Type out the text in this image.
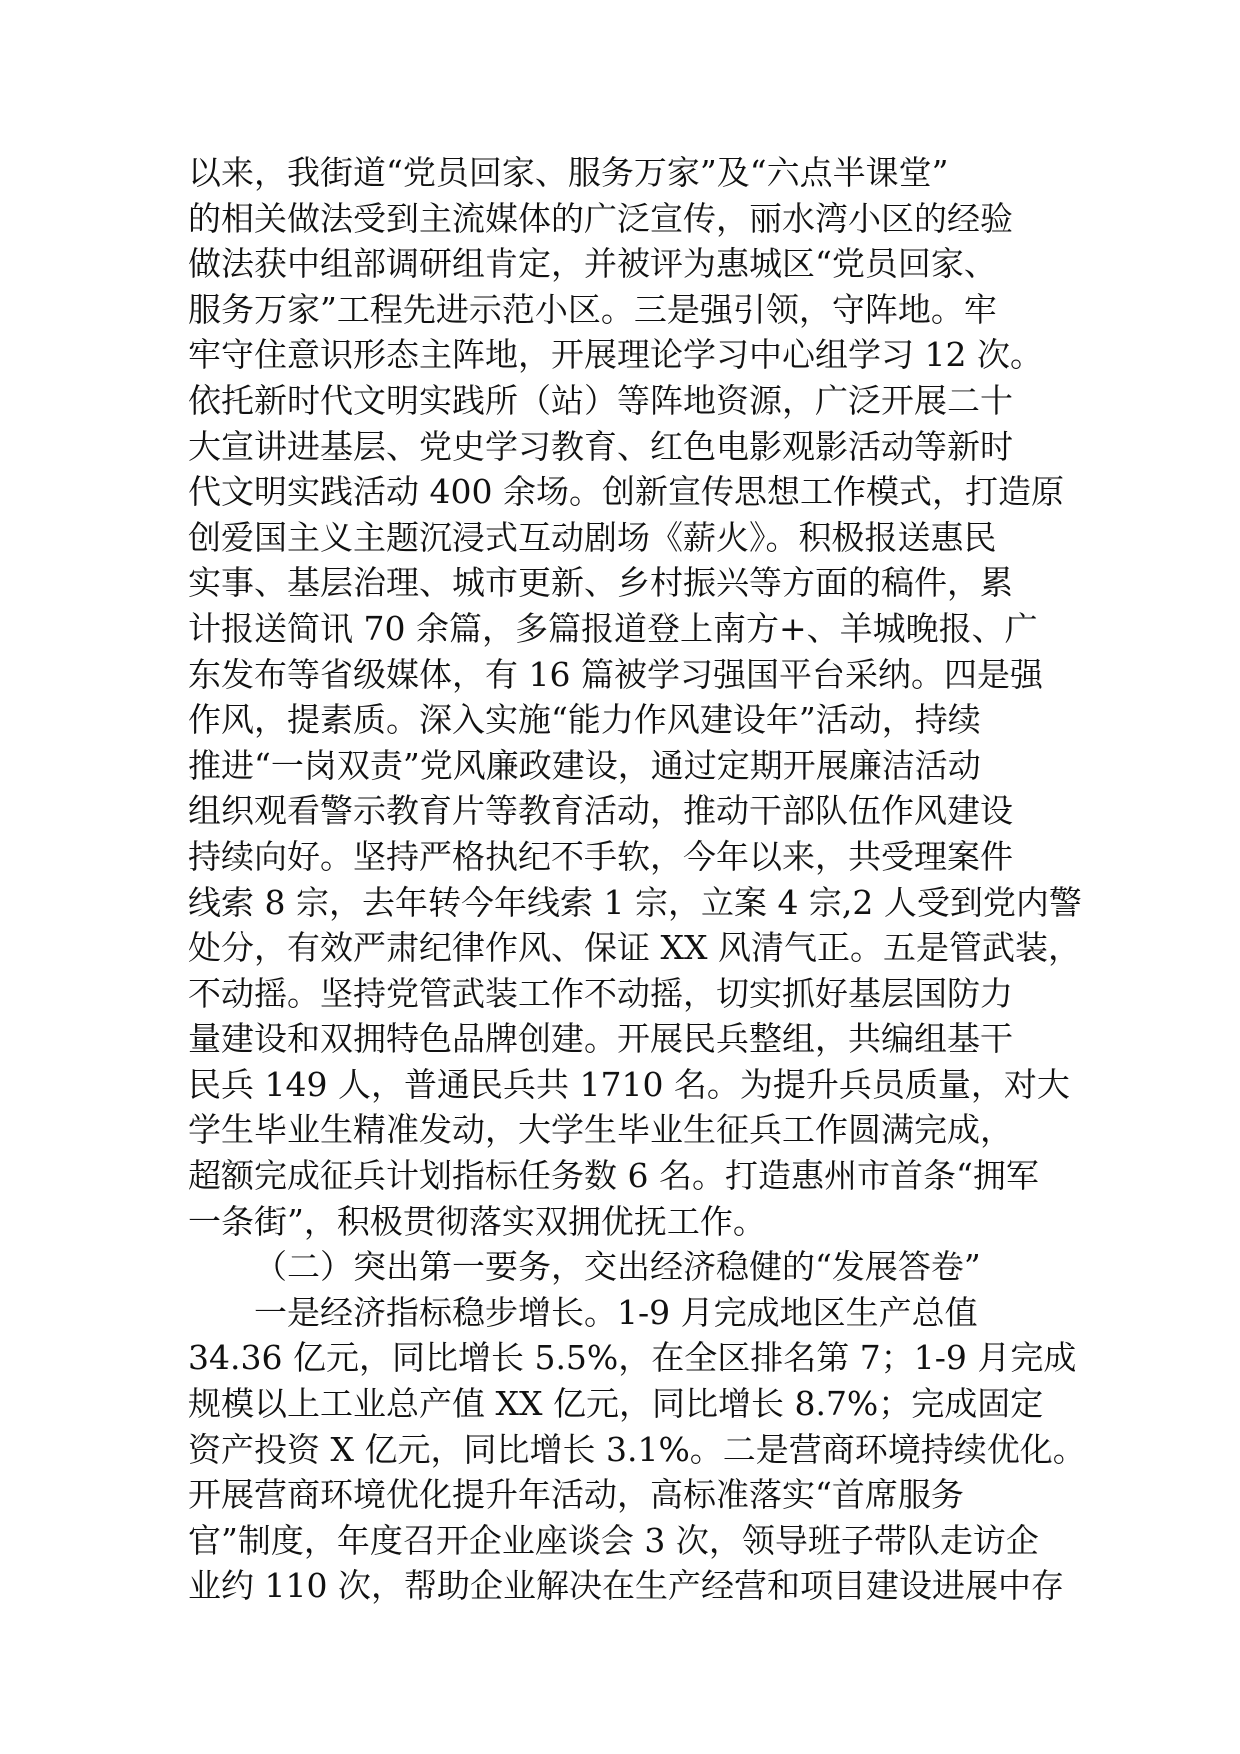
以来，我街道“党员回家、服务万家”及“六点半课堂”
的相关做法受到主流媒体的广泛宣传，丽水湾小区的经验
做法获中组部调研组肯定，并被评为惠城区“党员回家、
服务万家”工程先进示范小区。三是强引领，守阵地。牢
牢守住意识形态主阵地，开展理论学习中心组学习 12 次。
依托新时代文明实践所（站）等阵地资源，广泛开展二十
大宣讲进基层、党史学习教育、红色电影观影活动等新时
代文明实践活动 400 余场。创新宣传思想工作模式，打造原
创爱国主义主题沉浸式互动剧场《薪火》。积极报送惠民
实事、基层治理、城市更新、乡村振兴等方面的稿件，累
计报送简讯 70 余篇，多篇报道登上南方+、羊城晚报、广
东发布等省级媒体，有 16 篇被学习强国平台采纳。四是强
作风，提素质。深入实施“能力作风建设年”活动，持续
推进“一岗双责”党风廉政建设，通过定期开展廉洁活动
组织观看警示教育片等教育活动，推动干部队伍作风建设
持续向好。坚持严格执纪不手软，今年以来，共受理案件
线索 8 宗，去年转今年线索 1 宗，立案 4 宗,2 人受到党内警
处分，有效严肃纪律作风、保证 XX 风清气正。五是管武装，
不动摇。坚持党管武装工作不动摇，切实抓好基层国防力
量建设和双拥特色品牌创建。开展民兵整组，共编组基干
民兵 149 人，普通民兵共 1710 名。为提升兵员质量，对大
学生毕业生精准发动，大学生毕业生征兵工作圆满完成，
超额完成征兵计划指标任务数 6 名。打造惠州市首条“拥军
一条街”，积极贯彻落实双拥优抚工作。
（二）突出第一要务，交出经济稳健的“发展答卷”
一是经济指标稳步增长。1-9 月完成地区生产总值
34.36 亿元，同比增长 5.5%，在全区排名第 7；1-9 月完成
规模以上工业总产值 XX 亿元，同比增长 8.7%；完成固定
资产投资 X 亿元，同比增长 3.1%。二是营商环境持续优化。
开展营商环境优化提升年活动，高标准落实“首席服务
官”制度，年度召开企业座谈会 3 次，领导班子带队走访企
业约 110 次，帮助企业解决在生产经营和项目建设进展中存
